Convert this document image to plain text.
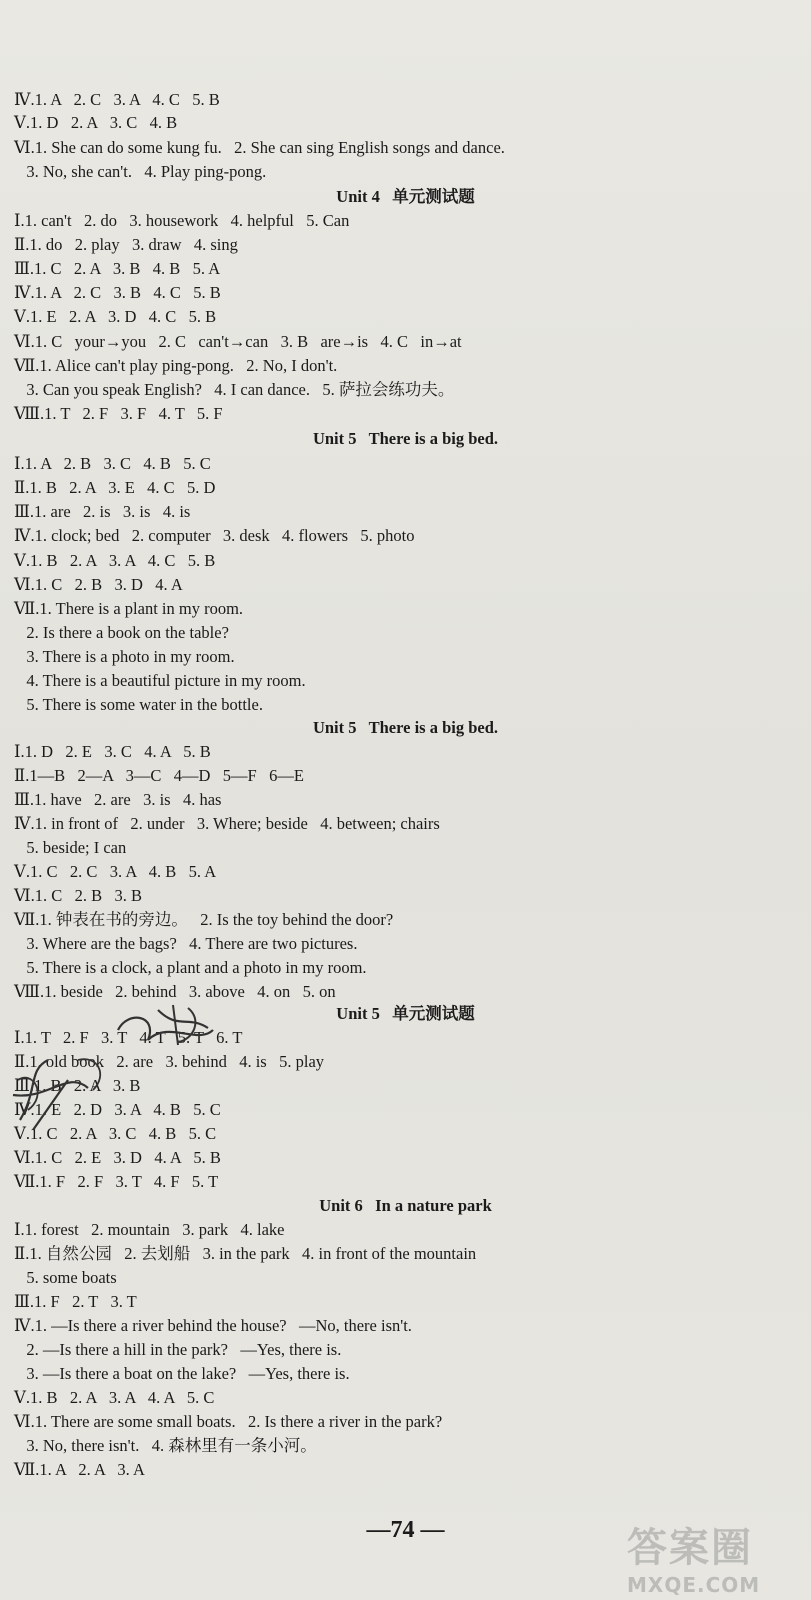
Ⅳ.1. A   2. C   3. A   4. C   5. B
Ⅴ.1. D   2. A   3. C   4. B
Ⅵ.1. She can do some kung fu.   2. She can sing English songs and dance.
3. No, she can't.   4. Play ping-pong.
Unit 4   单元测试题
Ⅰ.1. can't   2. do   3. housework   4. helpful   5. Can
Ⅱ.1. do   2. play   3. draw   4. sing
Ⅲ.1. C   2. A   3. B   4. B   5. A
Ⅳ.1. A   2. C   3. B   4. C   5. B
Ⅴ.1. E   2. A   3. D   4. C   5. B
Ⅵ.1. C   your→you   2. C   can't→can   3. B   are→is   4. C   in→at
Ⅶ.1. Alice can't play ping-pong.   2. No, I don't.
3. Can you speak English?   4. I can dance.   5. 萨拉会练功夫。
Ⅷ.1. T   2. F   3. F   4. T   5. F
Unit 5   There is a big bed.
Ⅰ.1. A   2. B   3. C   4. B   5. C
Ⅱ.1. B   2. A   3. E   4. C   5. D
Ⅲ.1. are   2. is   3. is   4. is
Ⅳ.1. clock; bed   2. computer   3. desk   4. flowers   5. photo
Ⅴ.1. B   2. A   3. A   4. C   5. B
Ⅵ.1. C   2. B   3. D   4. A
Ⅶ.1. There is a plant in my room.
2. Is there a book on the table?
3. There is a photo in my room.
4. There is a beautiful picture in my room.
5. There is some water in the bottle.
Unit 5   There is a big bed.
Ⅰ.1. D   2. E   3. C   4. A   5. B
Ⅱ.1—B   2—A   3—C   4—D   5—F   6—E
Ⅲ.1. have   2. are   3. is   4. has
Ⅳ.1. in front of   2. under   3. Where; beside   4. between; chairs
5. beside; I can
Ⅴ.1. C   2. C   3. A   4. B   5. A
Ⅵ.1. C   2. B   3. B
Ⅶ.1. 钟表在书的旁边。   2. Is the toy behind the door?
3. Where are the bags?   4. There are two pictures.
5. There is a clock, a plant and a photo in my room.
Ⅷ.1. beside   2. behind   3. above   4. on   5. on
Unit 5   单元测试题
Ⅰ.1. T   2. F   3. T   4. T   5. T   6. T
Ⅱ.1. old book   2. are   3. behind   4. is   5. play
Ⅲ.1. B   2. A   3. B
Ⅳ.1. E   2. D   3. A   4. B   5. C
Ⅴ.1. C   2. A   3. C   4. B   5. C
Ⅵ.1. C   2. E   3. D   4. A   5. B
Ⅶ.1. F   2. F   3. T   4. F   5. T
Unit 6   In a nature park
Ⅰ.1. forest   2. mountain   3. park   4. lake
Ⅱ.1. 自然公园   2. 去划船   3. in the park   4. in front of the mountain
5. some boats
Ⅲ.1. F   2. T   3. T
Ⅳ.1. —Is there a river behind the house?   —No, there isn't.
2. —Is there a hill in the park?   —Yes, there is.
3. —Is there a boat on the lake?   —Yes, there is.
Ⅴ.1. B   2. A   3. A   4. A   5. C
Ⅵ.1. There are some small boats.   2. Is there a river in the park?
3. No, there isn't.   4. 森林里有一条小河。
Ⅶ.1. A   2. A   3. A
—74 —	答案圈
MXQE.COM
